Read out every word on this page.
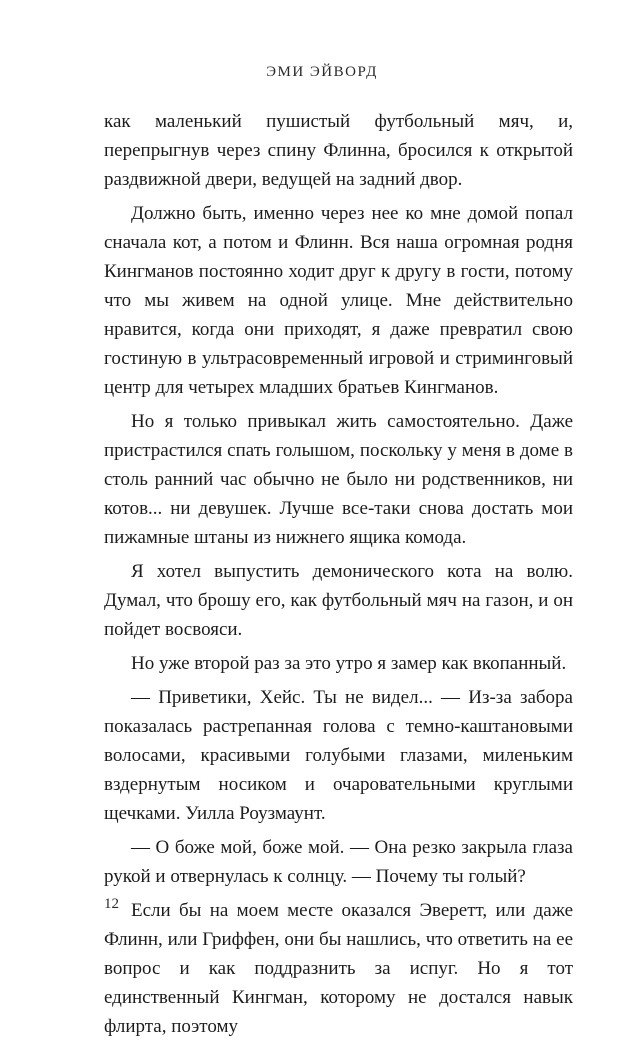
ЭМИ ЭЙВОРД

как маленький пушистый футбольный мяч, и, перепрыгнув через спину Флинна, бросился к открытой раздвижной двери, ведущей на задний двор.

Должно быть, именно через нее ко мне домой попал сначала кот, а потом и Флинн. Вся наша огромная родня Кингманов постоянно ходит друг к другу в гости, потому что мы живем на одной улице. Мне действительно нравится, когда они приходят, я даже превратил свою гостиную в ультрасовременный игровой и стриминговый центр для четырех младших братьев Кингманов.

Но я только привыкал жить самостоятельно. Даже пристрастился спать голышом, поскольку у меня в доме в столь ранний час обычно не было ни родственников, ни котов... ни девушек. Лучше все-таки снова достать мои пижамные штаны из нижнего ящика комода.

Я хотел выпустить демонического кота на волю. Думал, что брошу его, как футбольный мяч на газон, и он пойдет восвояси.

Но уже второй раз за это утро я замер как вкопанный.

— Приветики, Хейс. Ты не видел... — Из-за забора показалась растрепанная голова с темно-каштановыми волосами, красивыми голубыми глазами, миленьким вздернутым носиком и очаровательными круглыми щечками. Уилла Роузмаунт.

— О боже мой, боже мой. — Она резко закрыла глаза рукой и отвернулась к солнцу. — Почему ты голый?

Если бы на моем месте оказался Эверетт, или даже Флинн, или Гриффен, они бы нашлись, что ответить на ее вопрос и как поддразнить за испуг. Но я тот единственный Кингман, которому не достался навык флирта, поэтому

12
